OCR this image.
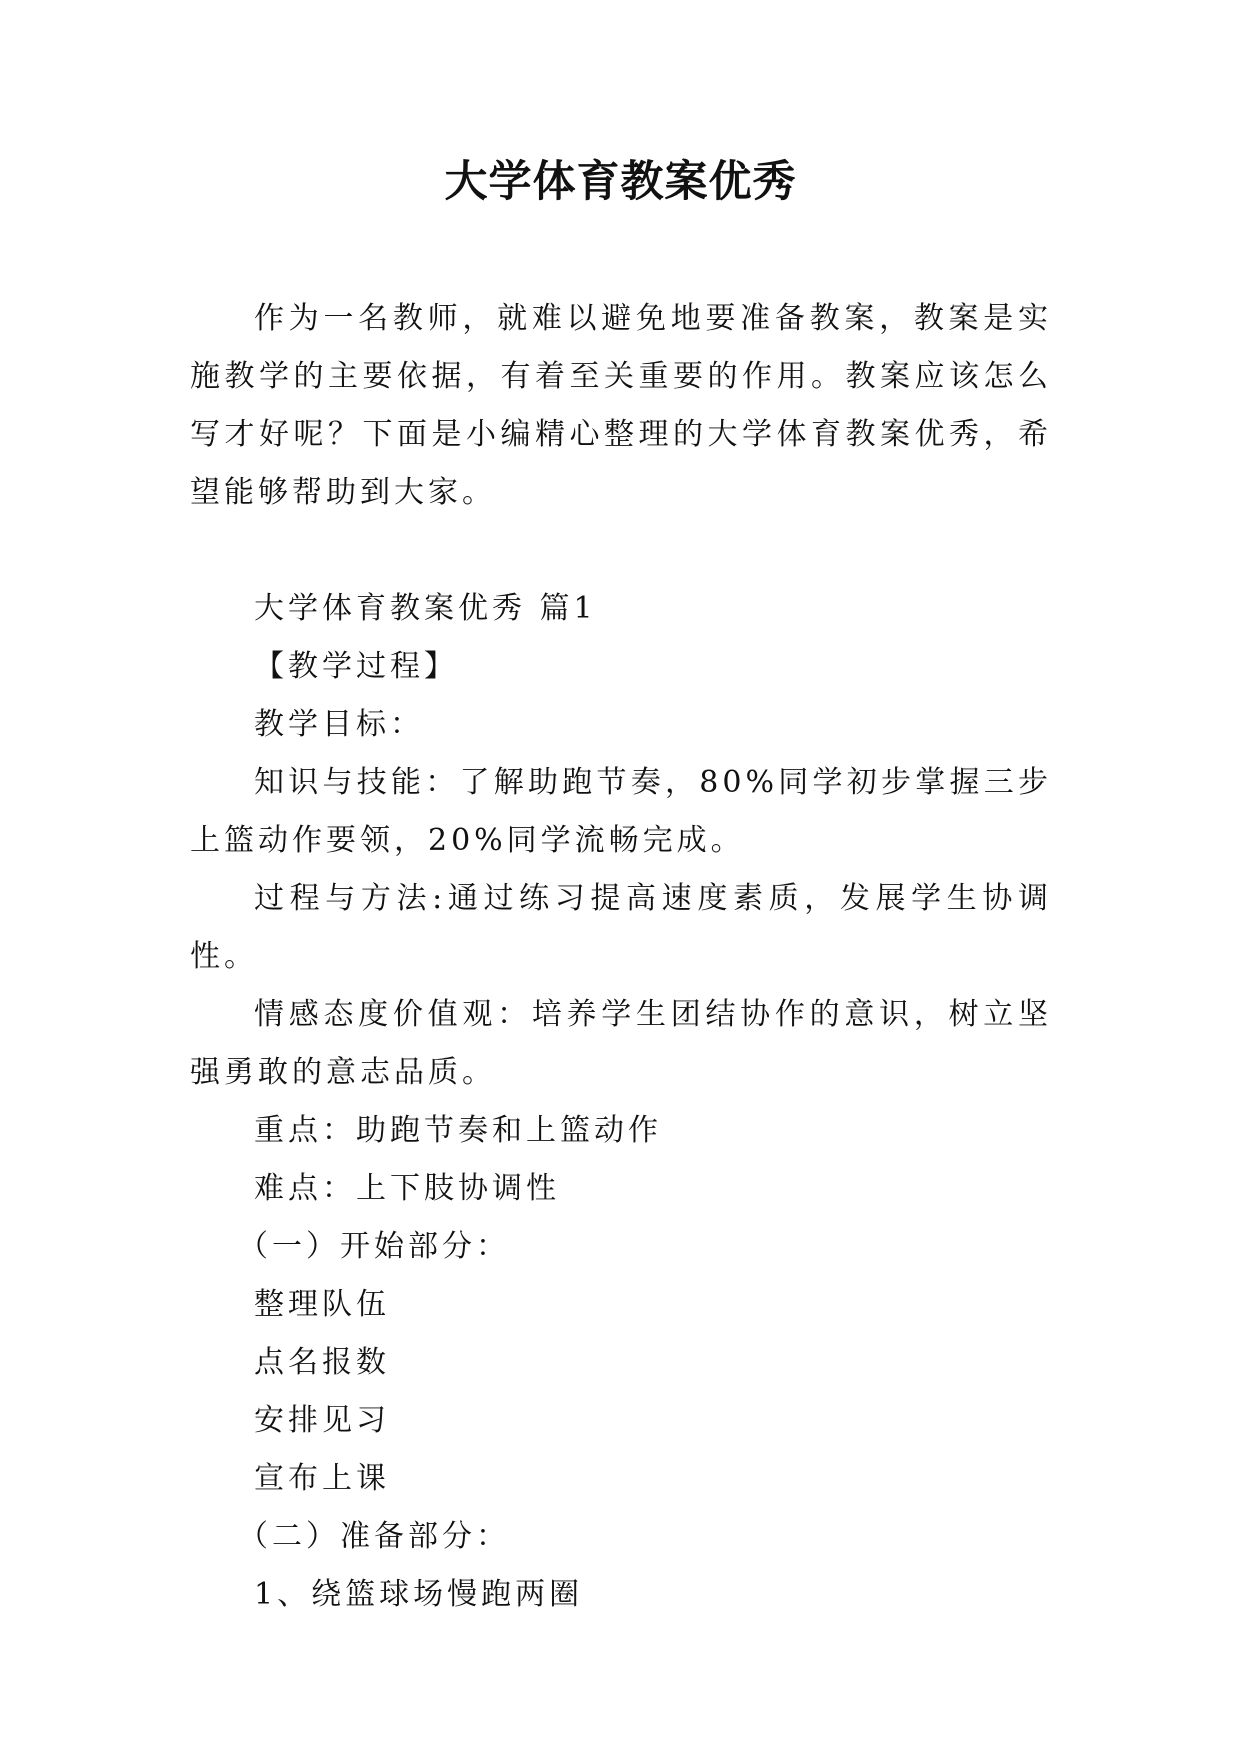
大学体育教案优秀

作为一名教师，就难以避免地要准备教案，教案是实施教学的主要依据，有着至关重要的作用。教案应该怎么写才好呢？下面是小编精心整理的大学体育教案优秀，希望能够帮助到大家。

大学体育教案优秀 篇1

【教学过程】

教学目标：

知识与技能：了解助跑节奏，80%同学初步掌握三步上篮动作要领，20%同学流畅完成。

过程与方法:通过练习提高速度素质，发展学生协调性。

情感态度价值观：培养学生团结协作的意识，树立坚强勇敢的意志品质。

重点：助跑节奏和上篮动作

难点：上下肢协调性

（一）开始部分：

整理队伍

点名报数

安排见习

宣布上课

（二）准备部分：

1、绕篮球场慢跑两圈
